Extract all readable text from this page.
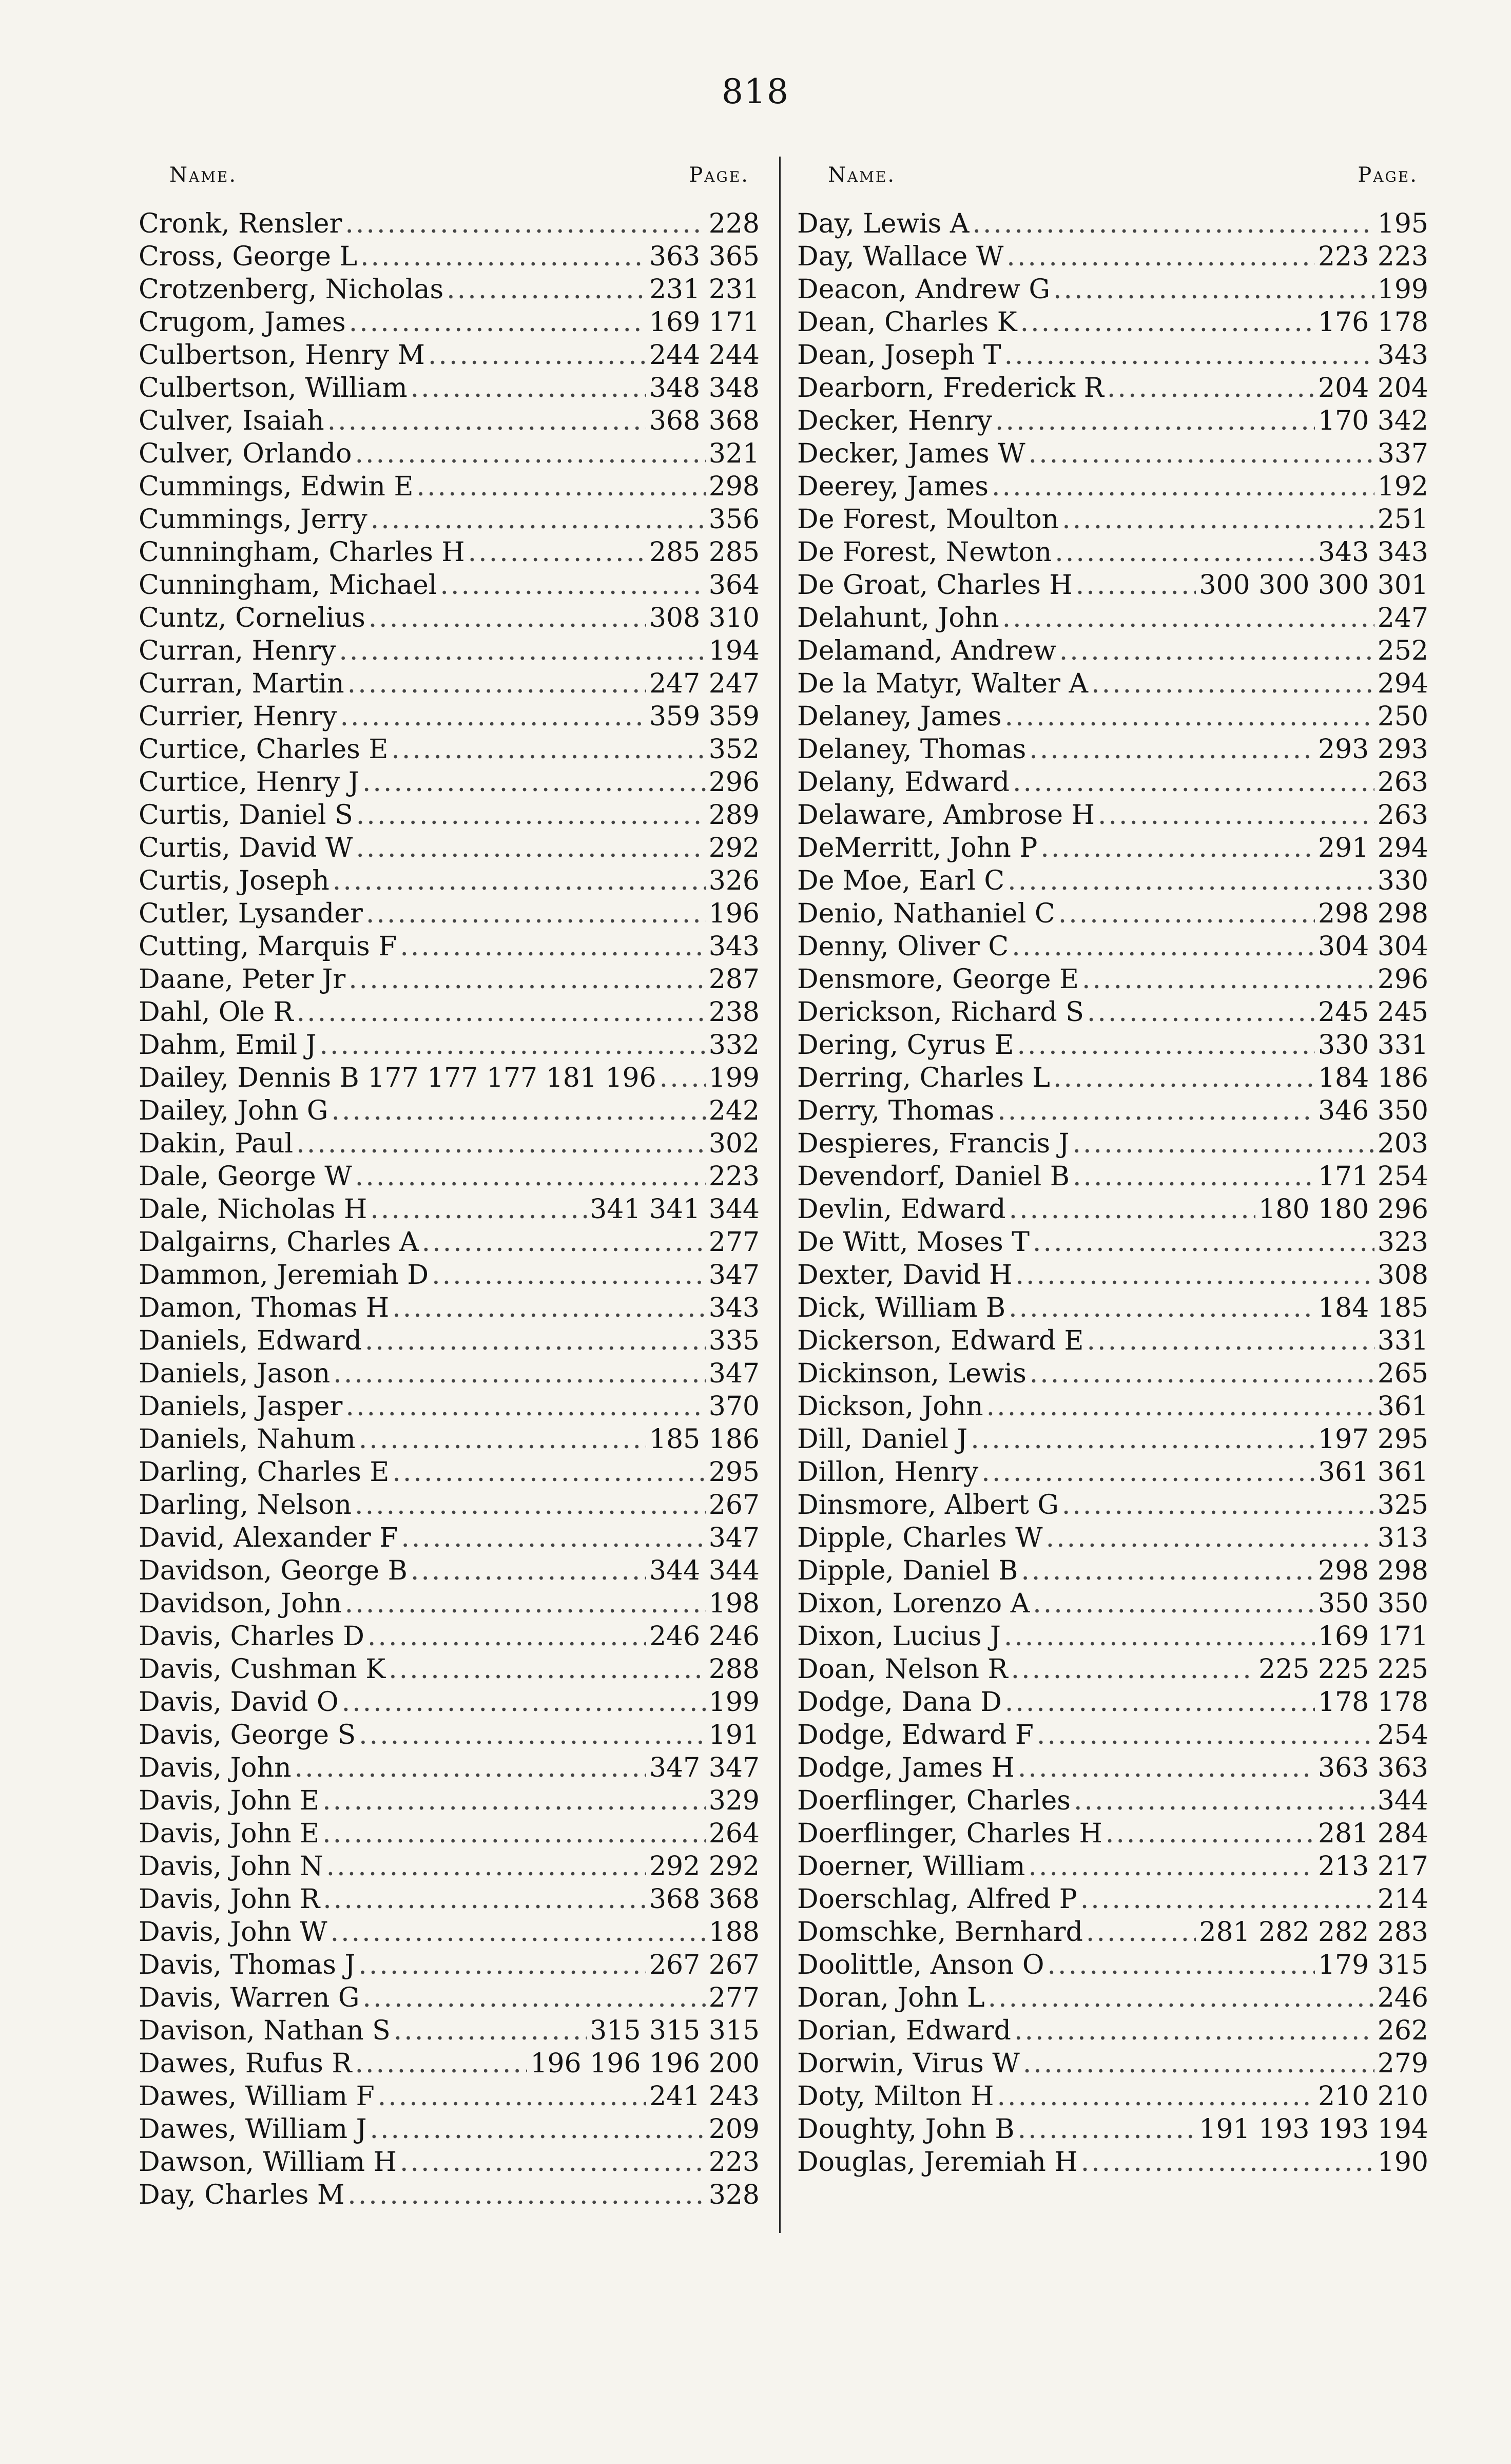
818
Name.	Page.
Cronk, Rensler .....	228
Cross, George L .....	363 365
Crotzenberg, Nicholas .....	231 231
Crugom, James .....	169 171
Culbertson, Henry M .....	244 244
Culbertson, William .....	348 348
Culver, Isaiah .....	368 368
Culver, Orlando .....	321
Cummings, Edwin E .....	298
Cummings, Jerry .....	356
Cunningham, Charles H .....	285 285
Cunningham, Michael .....	364
Cuntz, Cornelius .....	308 310
Curran, Henry .....	194
Curran, Martin .....	247 247
Currier, Henry .....	359 359
Curtice, Charles E .....	352
Curtice, Henry J .....	296
Curtis, Daniel S .....	289
Curtis, David W .....	292
Curtis, Joseph .....	326
Cutler, Lysander .....	196
Cutting, Marquis F .....	343
Daane, Peter Jr .....	287
Dahl, Ole R .....	238
Dahm, Emil J .....	332
Dailey, Dennis B 177 177 177 181 196 ..... 199
Dailey, John G .....	242
Dakin, Paul .....	302
Dale, George W .....	223
Dale, Nicholas H .....	341 341 344
Dalgairns, Charles A .....	277
Dammon, Jeremiah D .....	347
Damon, Thomas H .....	343
Daniels, Edward .....	335
Daniels, Jason .....	347
Daniels, Jasper .....	370
Daniels, Nahum .....	185 186
Darling, Charles E .....	295
Darling, Nelson .....	267
David, Alexander F .....	347
Davidson, George B .....	344 344
Davidson, John .....	198
Davis, Charles D .....	246 246
Davis, Cushman K .....	288
Davis, David O .....	199
Davis, George S .....	191
Davis, John .....	347 347
Davis, John E .....	329
Davis, John E .....	264
Davis, John N .....	292 292
Davis, John R .....	368 368
Davis, John W .....	188
Davis, Thomas J .....	267 267
Davis, Warren G .....	277
Davison, Nathan S .....	315 315 315
Dawes, Rufus R .....	196 196 196 200
Dawes, William F .....	241 243
Dawes, William J .....	209
Dawson, William H .....	223
Day, Charles M .....	328
Name.	Page.
Day, Lewis A .....	195
Day, Wallace W .....	223 223
Deacon, Andrew G .....	199
Dean, Charles K .....	176 178
Dean, Joseph T .....	343
Dearborn, Frederick R .....	204 204
Decker, Henry .....	170 342
Decker, James W .....	337
Deerey, James .....	192
De Forest, Moulton .....	251
De Forest, Newton .....	343 343
De Groat, Charles H .....	300 300 300 301
Delahunt, John .....	247
Delamand, Andrew .....	252
De la Matyr, Walter A .....	294
Delaney, James .....	250
Delaney, Thomas .....	293 293
Delany, Edward .....	263
Delaware, Ambrose H .....	263
DeMerritt, John P .....	291 294
De Moe, Earl C .....	330
Denio, Nathaniel C .....	298 298
Denny, Oliver C .....	304 304
Densmore, George E .....	296
Derickson, Richard S .....	245 245
Dering, Cyrus E .....	330 331
Derring, Charles L .....	184 186
Derry, Thomas .....	346 350
Despieres, Francis J .....	203
Devendorf, Daniel B .....	171 254
Devlin, Edward .....	180 180 296
De Witt, Moses T .....	323
Dexter, David H .....	308
Dick, William B .....	184 185
Dickerson, Edward E .....	331
Dickinson, Lewis .....	265
Dickson, John .....	361
Dill, Daniel J .....	197 295
Dillon, Henry .....	361 361
Dinsmore, Albert G .....	325
Dipple, Charles W .....	313
Dipple, Daniel B .....	298 298
Dixon, Lorenzo A .....	350 350
Dixon, Lucius J .....	169 171
Doan, Nelson R .....	225 225 225
Dodge, Dana D .....	178 178
Dodge, Edward F .....	254
Dodge, James H .....	363 363
Doerflinger, Charles .....	344
Doerflinger, Charles H .....	281 284
Doerner, William .....	213 217
Doerschlag, Alfred P .....	214
Domschke, Bernhard .....	281 282 282 283
Doolittle, Anson O .....	179 315
Doran, John L .....	246
Dorian, Edward .....	262
Dorwin, Virus W .....	279
Doty, Milton H .....	210 210
Doughty, John B .....	191 193 193 194
Douglas, Jeremiah H .....	190
